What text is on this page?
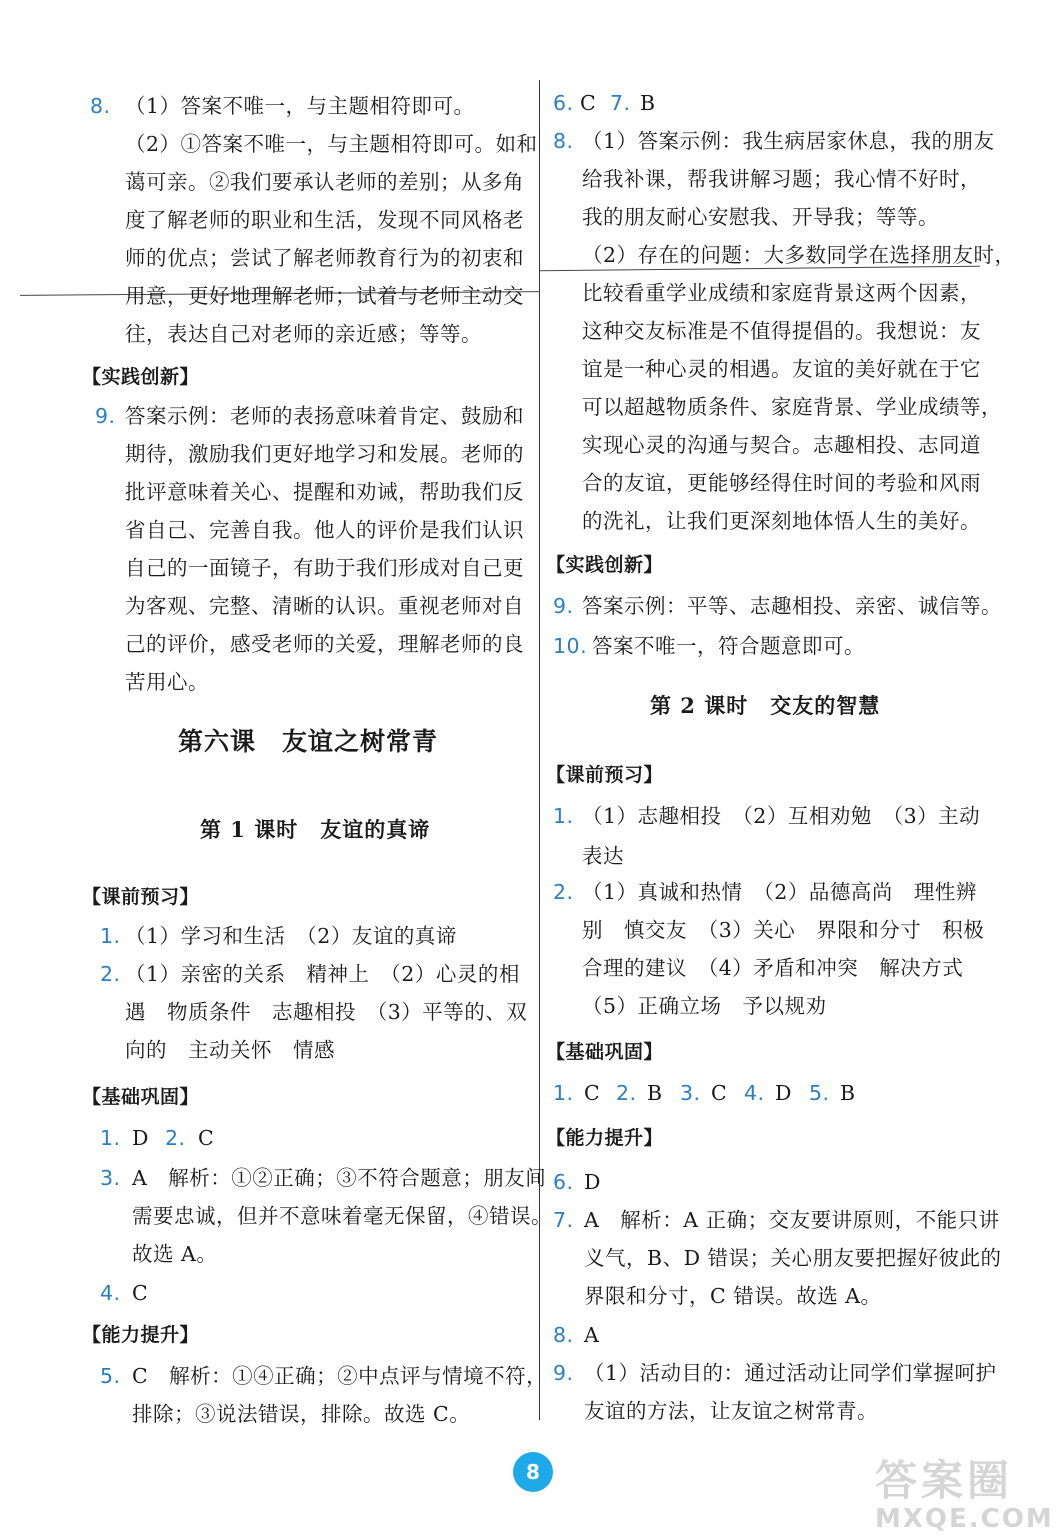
8. （1）答案不唯一，与主题相符即可。
（2）①答案不唯一，与主题相符即可。如和
蔼可亲。②我们要承认老师的差别；从多角
度了解老师的职业和生活，发现不同风格老
师的优点；尝试了解老师教育行为的初衷和
用意，更好地理解老师；试着与老师主动交
往，表达自己对老师的亲近感；等等。
【实践创新】
9. 答案示例：老师的表扬意味着肯定、鼓励和
期待，激励我们更好地学习和发展。老师的
批评意味着关心、提醒和劝诫，帮助我们反
省自己、完善自我。他人的评价是我们认识
自己的一面镜子，有助于我们形成对自己更
为客观、完整、清晰的认识。重视老师对自
己的评价，感受老师的关爱，理解老师的良
苦用心。
第六课　友谊之树常青
第 1 课时　友谊的真谛
【课前预习】
1. （1）学习和生活　（2）友谊的真谛
2. （1）亲密的关系　精神上　（2）心灵的相
遇　物质条件　志趣相投　（3）平等的、双
向的　主动关怀　情感
【基础巩固】
1. D 2. C
3. A　解析：①②正确；③不符合题意；朋友间
需要忠诚，但并不意味着毫无保留，④错误。
故选 A。
4. C
【能力提升】
5. C　解析：①④正确；②中点评与情境不符，
排除；③说法错误，排除。故选 C。
6. C 7. B
8. （1）答案示例：我生病居家休息，我的朋友
给我补课，帮我讲解习题；我心情不好时，
我的朋友耐心安慰我、开导我；等等。
（2）存在的问题：大多数同学在选择朋友时，
比较看重学业成绩和家庭背景这两个因素，
这种交友标准是不值得提倡的。我想说：友
谊是一种心灵的相遇。友谊的美好就在于它
可以超越物质条件、家庭背景、学业成绩等，
实现心灵的沟通与契合。志趣相投、志同道
合的友谊，更能够经得住时间的考验和风雨
的洗礼，让我们更深刻地体悟人生的美好。
【实践创新】
9. 答案示例：平等、志趣相投、亲密、诚信等。
10. 答案不唯一，符合题意即可。
第 2 课时　交友的智慧
【课前预习】
1. （1）志趣相投　（2）互相劝勉　（3）主动
表达
2. （1）真诚和热情　（2）品德高尚　理性辨
别　慎交友　（3）关心　界限和分寸　积极
合理的建议　（4）矛盾和冲突　解决方式
（5）正确立场　予以规劝
【基础巩固】
1. C 2. B 3. C 4. D 5. B
【能力提升】
6. D
7. A　解析：A 正确；交友要讲原则，不能只讲
义气，B、D 错误；关心朋友要把握好彼此的
界限和分寸，C 错误。故选 A。
8. A
9. （1）活动目的：通过活动让同学们掌握呵护
友谊的方法，让友谊之树常青。
8	答案圈
MXQE.COM
